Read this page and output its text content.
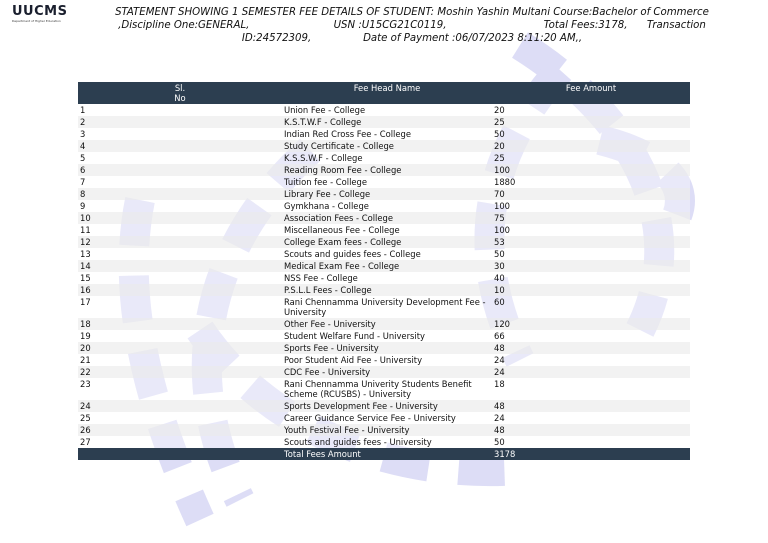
UUCMS
Department of Higher Education
STATEMENT SHOWING 1 SEMESTER FEE DETAILS OF STUDENT: Moshin Yashin Multani Course:Bachelor of Commerce
,Discipline One:GENERAL,	USN :U15CG21C0119,	Total Fees:3178, Transaction
ID:24572309,	Date of Payment :06/07/2023 8:11:20 AM,,
Sl.
No	Fee Head Name	Fee Amount
1	Union Fee - College	20
2	K.S.T.W.F - College	25
3	Indian Red Cross Fee - College	50
4	Study Certificate - College	20
5	K.S.S.W.F - College	25
6	Reading Room Fee - College	100
7	Tuition fee - College	1880
8	Library Fee - College	70
9	Gymkhana - College	100
10	Association Fees - College	75
11	Miscellaneous Fee - College	100
12	College Exam fees - College	53
13	Scouts and guides fees - College	50
14	Medical Exam Fee - College	30
15	NSS Fee - College	40
16	P.S.L.L Fees - College	10
17	Rani Chennamma University Development Fee - University	60
18	Other Fee - University	120
19	Student Welfare Fund - University	66
20	Sports Fee - University	48
21	Poor Student Aid Fee - University	24
22	CDC Fee - University	24
23	Rani Chennamma Univerity Students Benefit Scheme (RCUSBS) - University	18
24	Sports Development Fee - University	48
25	Career Guidance Service Fee - University	24
26	Youth Festival Fee - University	48
27	Scouts and guides fees - University	50
	Total Fees Amount	3178
